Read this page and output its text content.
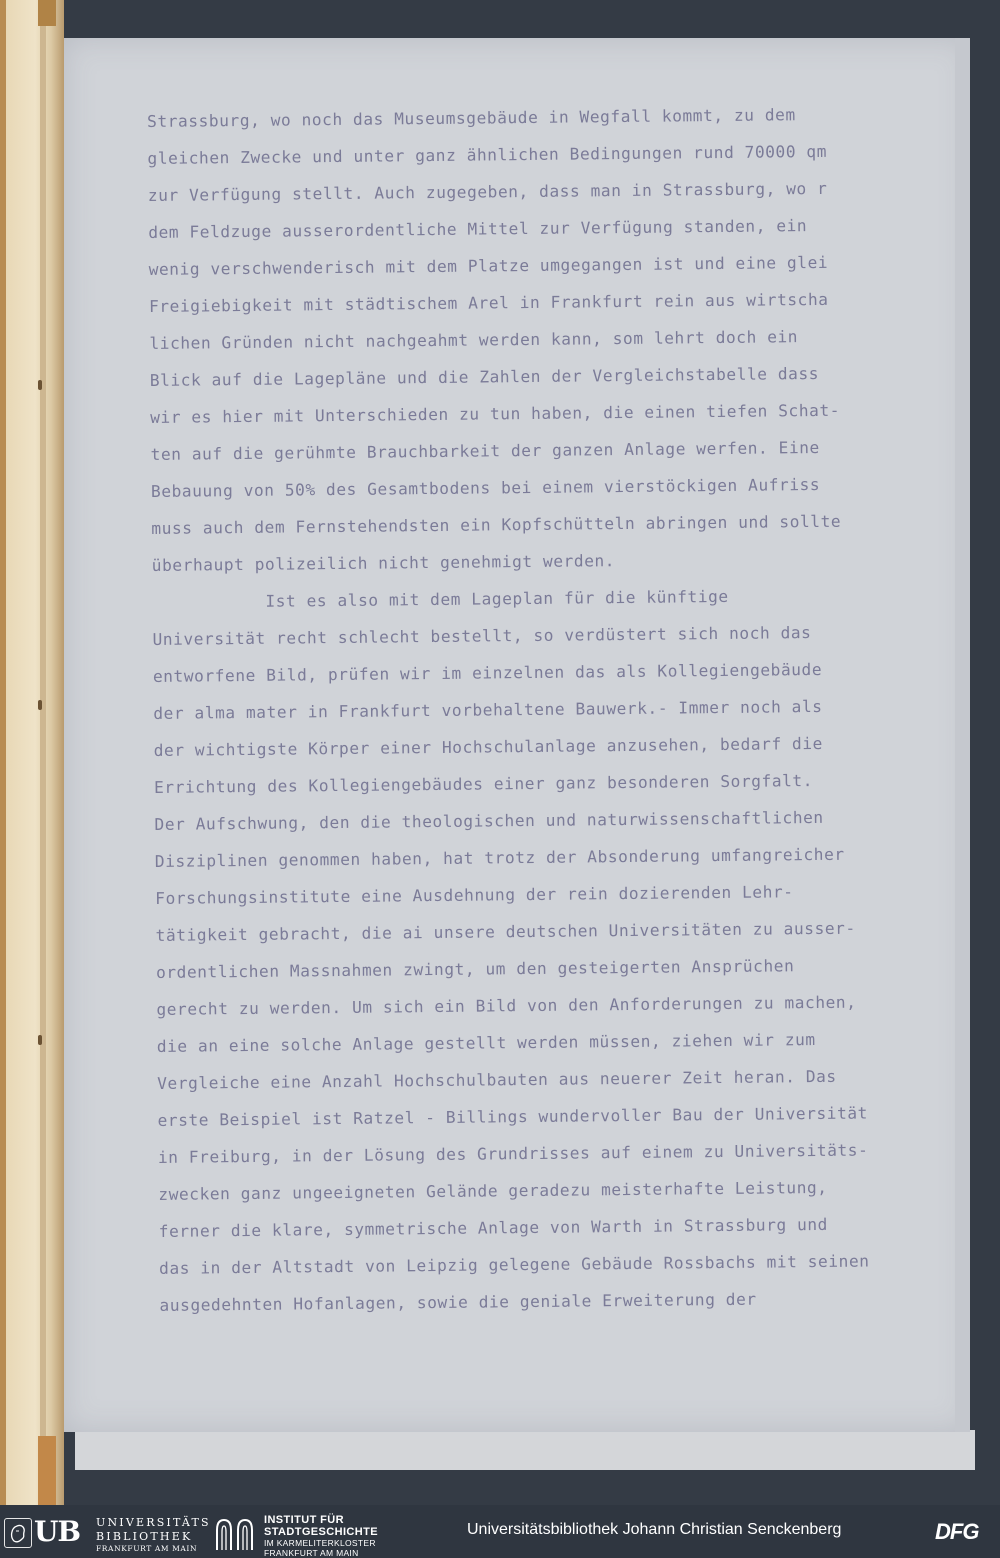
Strassburg, wo noch das Museumsgebäude in Wegfall kommt, zu dem
gleichen Zwecke und unter ganz ähnlichen Bedingungen rund 70000 qm
zur Verfügung stellt. Auch zugegeben, dass man in Strassburg, wo r
dem Feldzuge ausserordentliche Mittel zur Verfügung standen, ein
wenig verschwenderisch mit dem Platze umgegangen ist und eine glei
Freigiebigkeit mit städtischem Arel in Frankfurt rein aus wirtscha
lichen Gründen nicht nachgeahmt werden kann, som lehrt doch ein
Blick auf die Lagepläne und die Zahlen der Vergleichstabelle dass
wir es hier mit Unterschieden zu tun haben, die einen tiefen Schat-
ten auf die gerühmte Brauchbarkeit der ganzen Anlage werfen. Eine
Bebauung von 50% des Gesamtbodens bei einem vierstöckigen Aufriss
muss auch dem Fernstehendsten ein Kopfschütteln abringen und sollte
überhaupt polizeilich nicht genehmigt werden.
Ist es also mit dem Lageplan für die künftige
Universität recht schlecht bestellt, so verdüstert sich noch das
entworfene Bild, prüfen wir im einzelnen das als Kollegiengebäude
der alma mater in Frankfurt vorbehaltene Bauwerk.- Immer noch als
der wichtigste Körper einer Hochschulanlage anzusehen, bedarf die
Errichtung des Kollegiengebäudes einer ganz besonderen Sorgfalt.
Der Aufschwung, den die theologischen und naturwissenschaftlichen
Disziplinen genommen haben, hat trotz der Absonderung umfangreicher
Forschungsinstitute eine Ausdehnung der rein dozierenden Lehr-
tätigkeit gebracht, die ai unsere deutschen Universitäten zu ausser-
ordentlichen Massnahmen zwingt, um den gesteigerten Ansprüchen
gerecht zu werden. Um sich ein Bild von den Anforderungen zu machen,
die an eine solche Anlage gestellt werden müssen, ziehen wir zum
Vergleiche eine Anzahl Hochschulbauten aus neuerer Zeit heran. Das
erste Beispiel ist Ratzel - Billings wundervoller Bau der Universität
in Freiburg, in der Lösung des Grundrisses auf einem zu Universitäts-
zwecken ganz ungeeigneten Gelände geradezu meisterhafte Leistung,
ferner die klare, symmetrische Anlage von Warth in Strassburg und
das in der Altstadt von Leipzig gelegene Gebäude Rossbachs mit seinen
ausgedehnten Hofanlagen, sowie die geniale Erweiterung der
UB UNIVERSITÄTS
BIBLIOTHEK
FRANKFURT AM MAIN
INSTITUT FÜR
STADTGESCHICHTE
IM KARMELITERKLOSTER
FRANKFURT AM MAIN
Universitätsbibliothek Johann Christian Senckenberg	DFG
